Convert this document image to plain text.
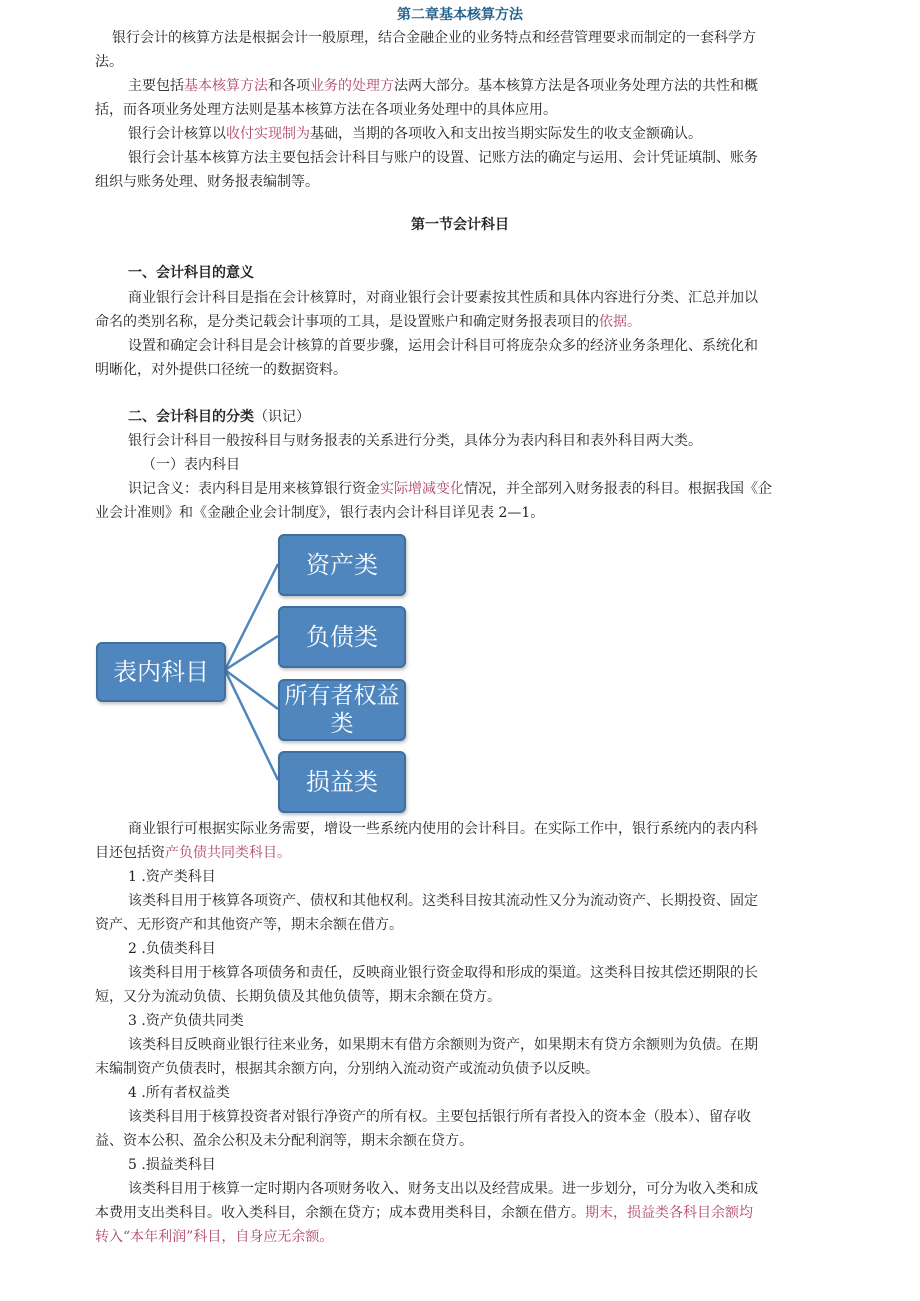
第二章基本核算方法
银行会计的核算方法是根据会计一般原理，结合金融企业的业务特点和经营管理要求而制定的一套科学方
法。
主要包括基本核算方法和各项业务的处理方法两大部分。基本核算方法是各项业务处理方法的共性和概
括，而各项业务处理方法则是基本核算方法在各项业务处理中的具体应用。
银行会计核算以收付实现制为基础，当期的各项收入和支出按当期实际发生的收支金额确认。
银行会计基本核算方法主要包括会计科目与账户的设置、记账方法的确定与运用、会计凭证填制、账务
组织与账务处理、财务报表编制等。
第一节会计科目
一、会计科目的意义
商业银行会计科目是指在会计核算时，对商业银行会计要素按其性质和具体内容进行分类、汇总并加以
命名的类别名称，是分类记载会计事项的工具，是设置账户和确定财务报表项目的依据。
设置和确定会计科目是会计核算的首要步骤，运用会计科目可将庞杂众多的经济业务条理化、系统化和
明晰化，对外提供口径统一的数据资料。
二、会计科目的分类（识记）
银行会计科目一般按科目与财务报表的关系进行分类，具体分为表内科目和表外科目两大类。
（一）表内科目
识记含义：表内科目是用来核算银行资金实际增减变化情况，并全部列入财务报表的科目。根据我国《企
业会计准则》和《金融企业会计制度》，银行表内会计科目详见表 2—1。
表内科目
资产类
负债类
所有者权益
类
损益类
商业银行可根据实际业务需要，增设一些系统内使用的会计科目。在实际工作中，银行系统内的表内科
目还包括资产负债共同类科目。
1 .资产类科目
该类科目用于核算各项资产、债权和其他权利。这类科目按其流动性又分为流动资产、长期投资、固定
资产、无形资产和其他资产等，期末余额在借方。
2 .负债类科目
该类科目用于核算各项债务和责任，反映商业银行资金取得和形成的渠道。这类科目按其偿还期限的长
短，又分为流动负债、长期负债及其他负债等，期末余额在贷方。
3 .资产负债共同类
该类科目反映商业银行往来业务，如果期末有借方余额则为资产，如果期末有贷方余额则为负债。在期
末编制资产负债表时，根据其余额方向，分别纳入流动资产或流动负债予以反映。
4 .所有者权益类
该类科目用于核算投资者对银行净资产的所有权。主要包括银行所有者投入的资本金（股本）、留存收
益、资本公积、盈余公积及未分配利润等，期末余额在贷方。
5 .损益类科目
该类科目用于核算一定时期内各项财务收入、财务支出以及经营成果。进一步划分，可分为收入类和成
本费用支出类科目。收入类科目，余额在贷方；成本费用类科目，余额在借方。期末，损益类各科目余额均
转入“本年利润”科目，自身应无余额。
